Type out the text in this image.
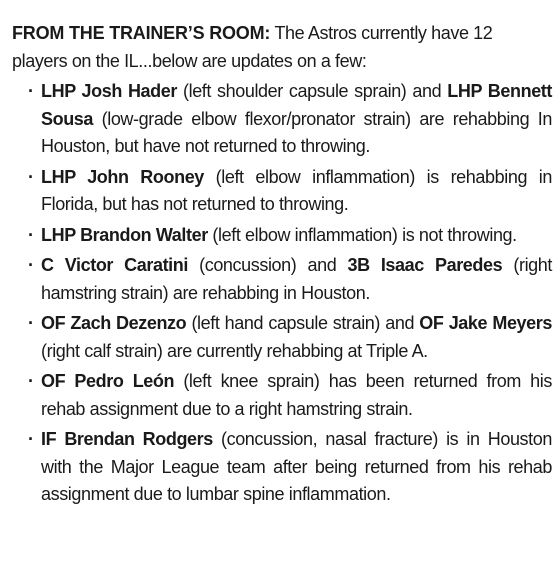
FROM THE TRAINER’S ROOM: The Astros currently have 12 players on the IL...below are updates on a few:

· LHP Josh Hader (left shoulder capsule sprain) and LHP Bennett Sousa (low-grade elbow flexor/pronator strain) are rehabbing In Houston, but have not returned to throwing.
· LHP John Rooney (left elbow inflammation) is rehabbing in Florida, but has not returned to throwing.
· LHP Brandon Walter (left elbow inflammation) is not throwing.
· C Victor Caratini (concussion) and 3B Isaac Paredes (right hamstring strain) are rehabbing in Houston.
· OF Zach Dezenzo (left hand capsule strain) and OF Jake Meyers (right calf strain) are currently rehabbing at Triple A.
· OF Pedro León (left knee sprain) has been returned from his rehab assignment due to a right hamstring strain.
· IF Brendan Rodgers (concussion, nasal fracture) is in Houston with the Major League team after being returned from his rehab assignment due to lumbar spine inflammation.
